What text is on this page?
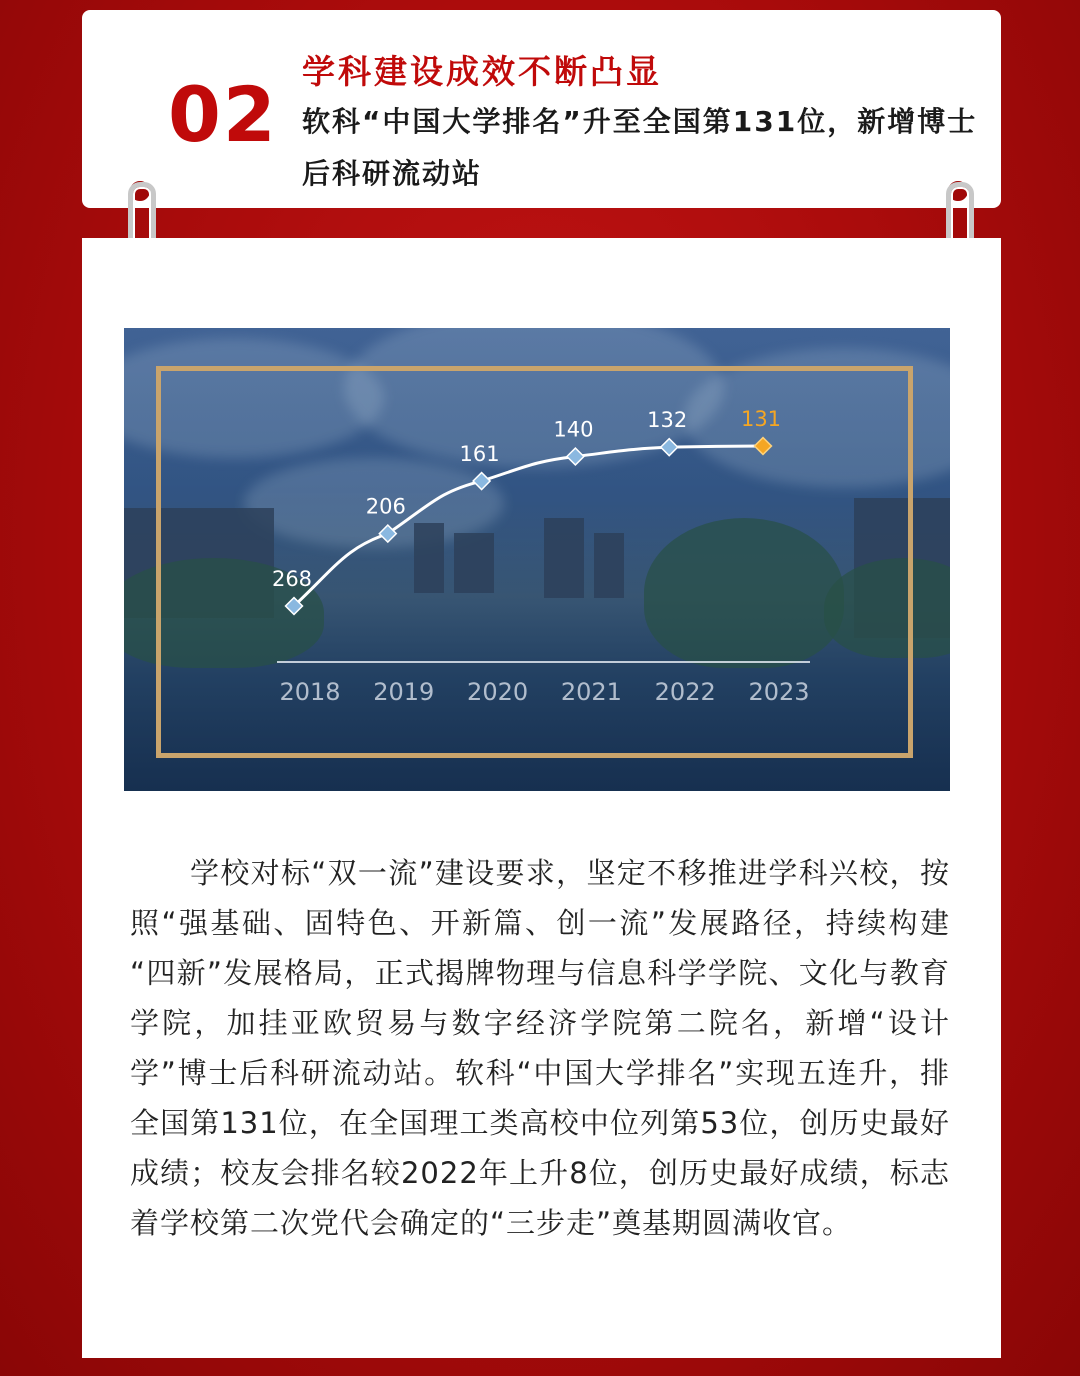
02 学科建设成效不断凸显
软科“中国大学排名”升至全国第131位，新增博士后科研流动站
2018 2019 2020 2021 2022 2023
268
206
161
140	132	131
学校对标“双一流”建设要求，坚定不移推进学科兴校，按照“强基础、固特色、开新篇、创一流”发展路径，持续构建 “四新”发展格局，正式揭牌物理与信息科学学院、文化与教育学院，加挂亚欧贸易与数字经济学院第二院名，新增“设计学”博士后科研流动站。软科“中国大学排名”实现五连升，排全国第131位，在全国理工类高校中位列第53位，创历史最好成绩；校友会排名较2022年上升8位，创历史最好成绩，标志着学校第二次党代会确定的“三步走”奠基期圆满收官。
